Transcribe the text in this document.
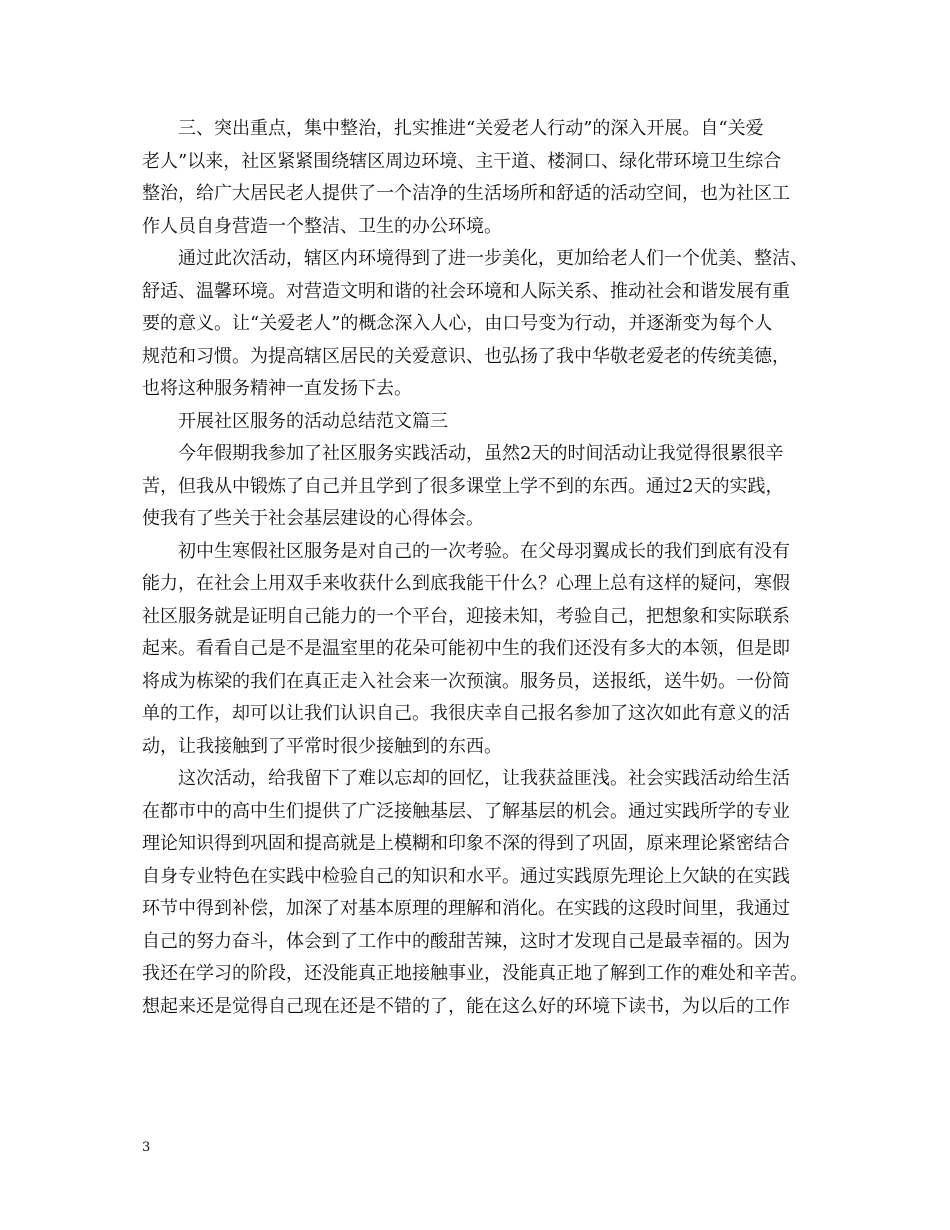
三、突出重点，集中整治，扎实推进“关爱老人行动”的深入开展。自“关爱
老人”以来，社区紧紧围绕辖区周边环境、主干道、楼洞口、绿化带环境卫生综合
整治，给广大居民老人提供了一个洁净的生活场所和舒适的活动空间，也为社区工
作人员自身营造一个整洁、卫生的办公环境。
通过此次活动，辖区内环境得到了进一步美化，更加给老人们一个优美、整洁、
舒适、温馨环境。对营造文明和谐的社会环境和人际关系、推动社会和谐发展有重
要的意义。让“关爱老人”的概念深入人心，由口号变为行动，并逐渐变为每个人
规范和习惯。为提高辖区居民的关爱意识、也弘扬了我中华敬老爱老的传统美德，
也将这种服务精神一直发扬下去。
开展社区服务的活动总结范文篇三
今年假期我参加了社区服务实践活动，虽然2天的时间活动让我觉得很累很辛
苦，但我从中锻炼了自己并且学到了很多课堂上学不到的东西。通过2天的实践，
使我有了些关于社会基层建设的心得体会。
初中生寒假社区服务是对自己的一次考验。在父母羽翼成长的我们到底有没有
能力，在社会上用双手来收获什么到底我能干什么？心理上总有这样的疑问，寒假
社区服务就是证明自己能力的一个平台，迎接未知，考验自己，把想象和实际联系
起来。看看自己是不是温室里的花朵可能初中生的我们还没有多大的本领，但是即
将成为栋梁的我们在真正走入社会来一次预演。服务员，送报纸，送牛奶。一份简
单的工作，却可以让我们认识自己。我很庆幸自己报名参加了这次如此有意义的活
动，让我接触到了平常时很少接触到的东西。
这次活动，给我留下了难以忘却的回忆，让我获益匪浅。社会实践活动给生活
在都市中的高中生们提供了广泛接触基层、了解基层的机会。通过实践所学的专业
理论知识得到巩固和提高就是上模糊和印象不深的得到了巩固，原来理论紧密结合
自身专业特色在实践中检验自己的知识和水平。通过实践原先理论上欠缺的在实践
环节中得到补偿，加深了对基本原理的理解和消化。在实践的这段时间里，我通过
自己的努力奋斗，体会到了工作中的酸甜苦辣，这时才发现自己是最幸福的。因为
我还在学习的阶段，还没能真正地接触事业，没能真正地了解到工作的难处和辛苦。
想起来还是觉得自己现在还是不错的了，能在这么好的环境下读书，为以后的工作
3
